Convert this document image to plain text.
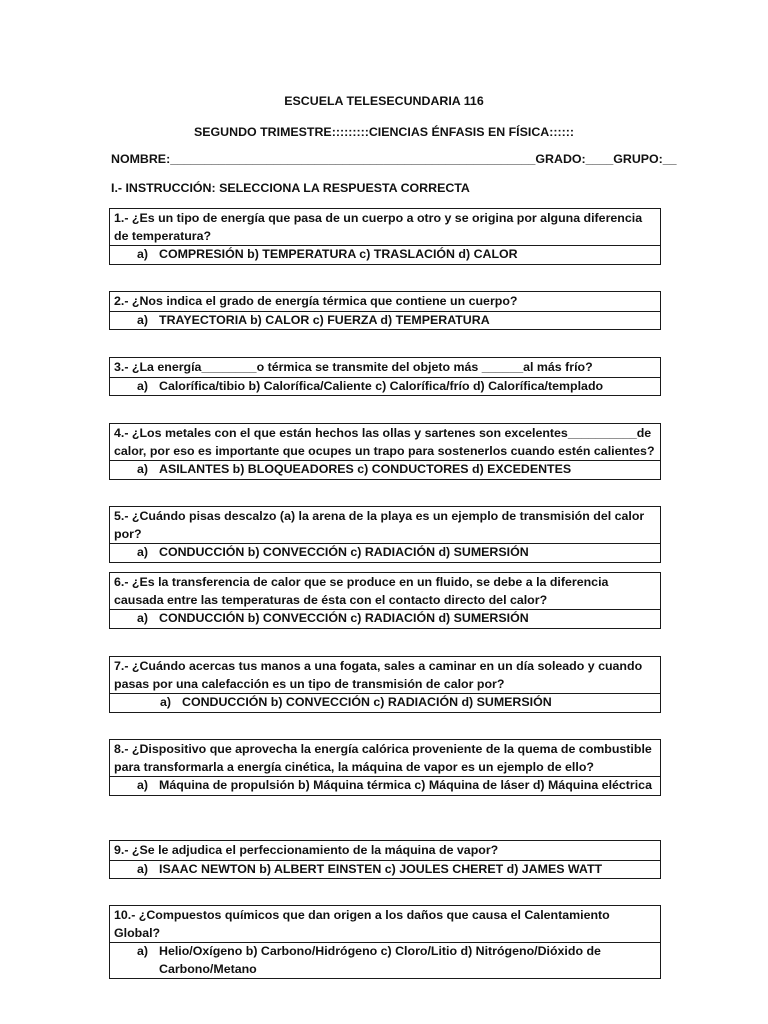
ESCUELA TELESECUNDARIA 116
SEGUNDO TRIMESTRE:::::::::CIENCIAS ÉNFASIS EN FÍSICA::::::
NOMBRE:_____________________________________________________GRADO:____GRUPO:__
I.- INSTRUCCIÓN: SELECCIONA LA RESPUESTA CORRECTA
1.- ¿Es un tipo de energía que pasa de un cuerpo a otro y se origina por alguna diferencia de temperatura?
a) COMPRESIÓN b) TEMPERATURA c) TRASLACIÓN d) CALOR
2.- ¿Nos indica el grado de energía térmica que contiene un cuerpo?
a) TRAYECTORIA b) CALOR c) FUERZA d) TEMPERATURA
3.- ¿La energía________o térmica se transmite del objeto más ______al más frío?
a) Calorífica/tibio b) Calorífica/Caliente c) Calorífica/frío d) Calorífica/templado
4.- ¿Los metales con el que están hechos las ollas y sartenes son excelentes__________de calor, por eso es importante que ocupes un trapo para sostenerlos cuando estén calientes?
a) ASILANTES b) BLOQUEADORES c) CONDUCTORES d) EXCEDENTES
5.- ¿Cuándo pisas descalzo (a) la arena de la playa es un ejemplo de transmisión del calor por?
a) CONDUCCIÓN b) CONVECCIÓN c) RADIACIÓN d) SUMERSIÓN
6.- ¿Es la transferencia de calor que se produce en un fluido, se debe a la diferencia causada entre las temperaturas de ésta con el contacto directo del calor?
a) CONDUCCIÓN b) CONVECCIÓN c) RADIACIÓN d) SUMERSIÓN
7.- ¿Cuándo acercas tus manos a una fogata, sales a caminar en un día soleado y cuando pasas por una calefacción es un tipo de transmisión de calor por?
a) CONDUCCIÓN b) CONVECCIÓN c) RADIACIÓN d) SUMERSIÓN
8.- ¿Dispositivo que aprovecha la energía calórica proveniente de la quema de combustible para transformarla a energía cinética, la máquina de vapor es un ejemplo de ello?
a) Máquina de propulsión b) Máquina térmica c) Máquina de láser d) Máquina eléctrica
9.- ¿Se le adjudica el perfeccionamiento de la máquina de vapor?
a) ISAAC NEWTON b) ALBERT EINSTEN c) JOULES CHERET d) JAMES WATT
10.- ¿Compuestos químicos que dan origen a los daños que causa el Calentamiento Global?
a) Helio/Oxígeno b) Carbono/Hidrógeno c) Cloro/Litio d) Nitrógeno/Dióxido de Carbono/Metano
